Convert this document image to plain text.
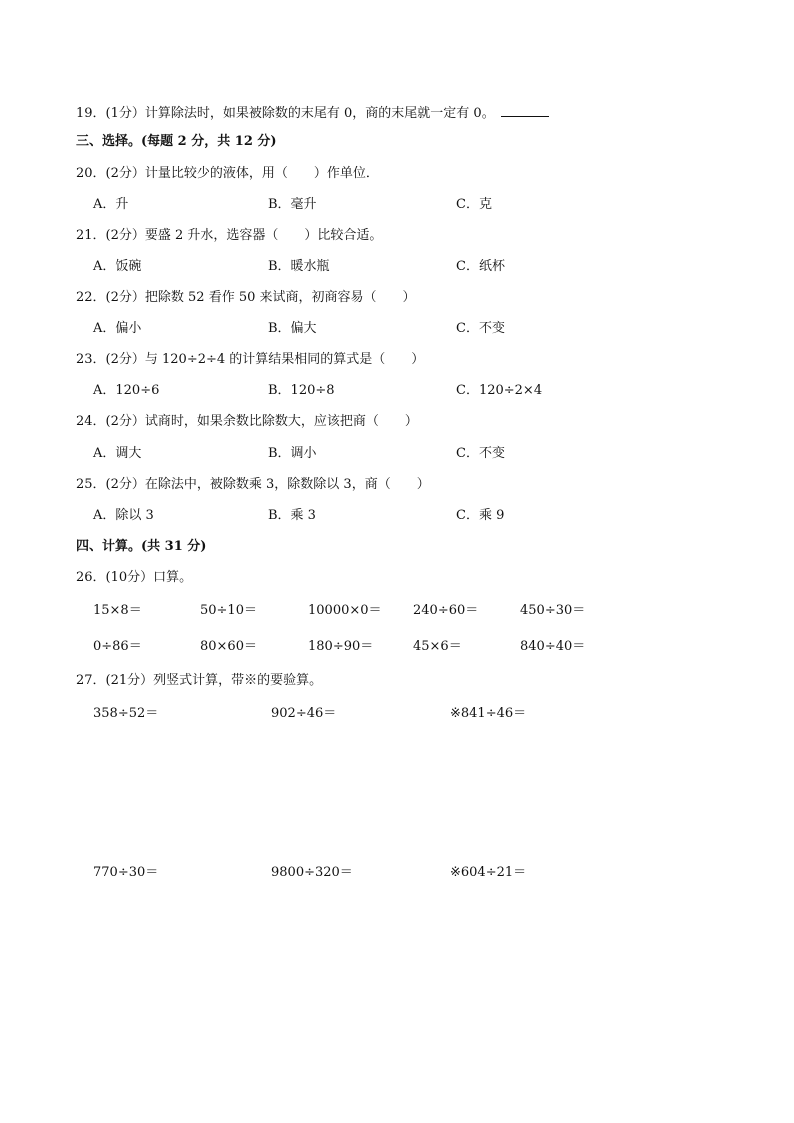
19．(1分）计算除法时，如果被除数的末尾有 0，商的末尾就一定有 0。
三、选择。(每题 2 分，共 12 分)
20．(2分）计量比较少的液体，用（　　）作单位．
A．升	B．毫升	C．克
21．(2分）要盛 2 升水，选容器（　　）比较合适。
A．饭碗	B．暖水瓶	C．纸杯
22．(2分）把除数 52 看作 50 来试商，初商容易（　　）
A．偏小	B．偏大	C．不变
23．(2分）与 120÷2÷4 的计算结果相同的算式是（　　）
A．120÷6	B．120÷8	C．120÷2×4
24．(2分）试商时，如果余数比除数大，应该把商（　　）
A．调大	B．调小	C．不变
25．(2分）在除法中，被除数乘 3，除数除以 3，商（　　）
A．除以 3	B．乘 3	C．乘 9
四、计算。(共 31 分)
26．(10分）口算。
15×8＝	50÷10＝	10000×0＝ 240÷60＝	450÷30＝
0÷86＝	80×60＝	180÷90＝	45×6＝	840÷40＝
27．(21分）列竖式计算，带※的要验算。
358÷52＝	902÷46＝	※841÷46＝
770÷30＝	9800÷320＝	※604÷21＝
